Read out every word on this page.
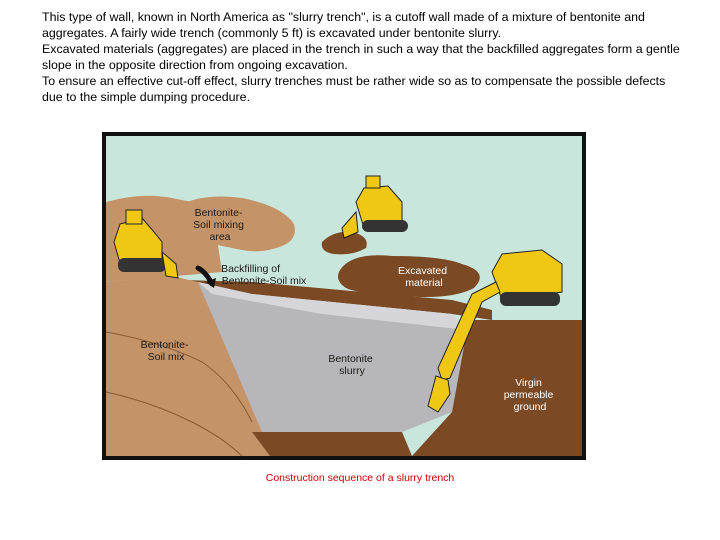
This type of wall, known in North America as "slurry trench", is a cutoff wall made of a mixture of bentonite and aggregates. A fairly wide trench (commonly 5 ft) is excavated under bentonite slurry.

Excavated materials (aggregates) are placed in the trench in such a way that the backfilled aggregates form a gentle slope in the opposite direction from ongoing excavation.

To ensure an effective cut-off effect, slurry trenches must be rather wide so as to compensate the possible defects due to the simple dumping procedure.

Bentonite- Soil mixing area
Backfilling of Bentonite-Soil mix
Excavated material
Bentonite- Soil mix	Bentonite slurry
Virgin permeable ground
Construction sequence of a slurry trench
